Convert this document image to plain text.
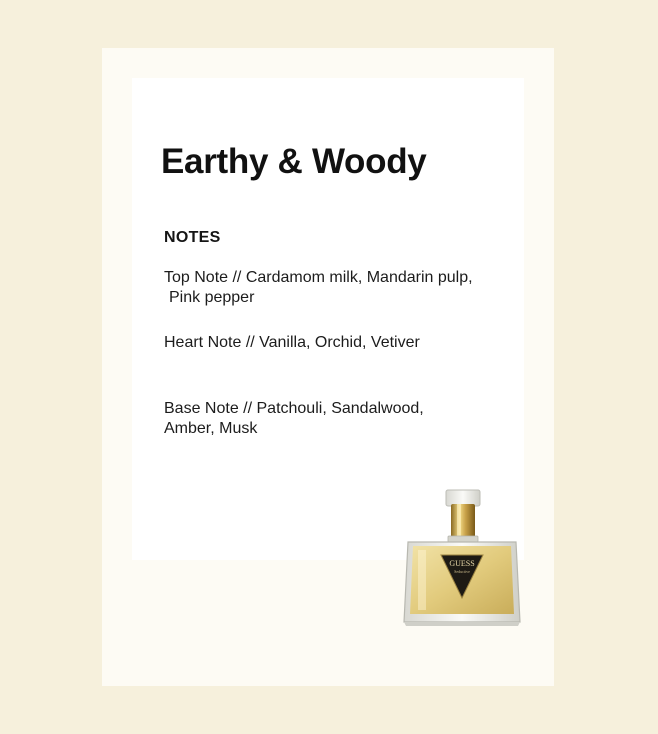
Earthy & Woody
NOTES
Top Note // Cardamom milk, Mandarin pulp,
Pink pepper
Heart Note // Vanilla, Orchid, Vetiver
Base Note // Patchouli, Sandalwood,
Amber, Musk
GUESS
Seductive
